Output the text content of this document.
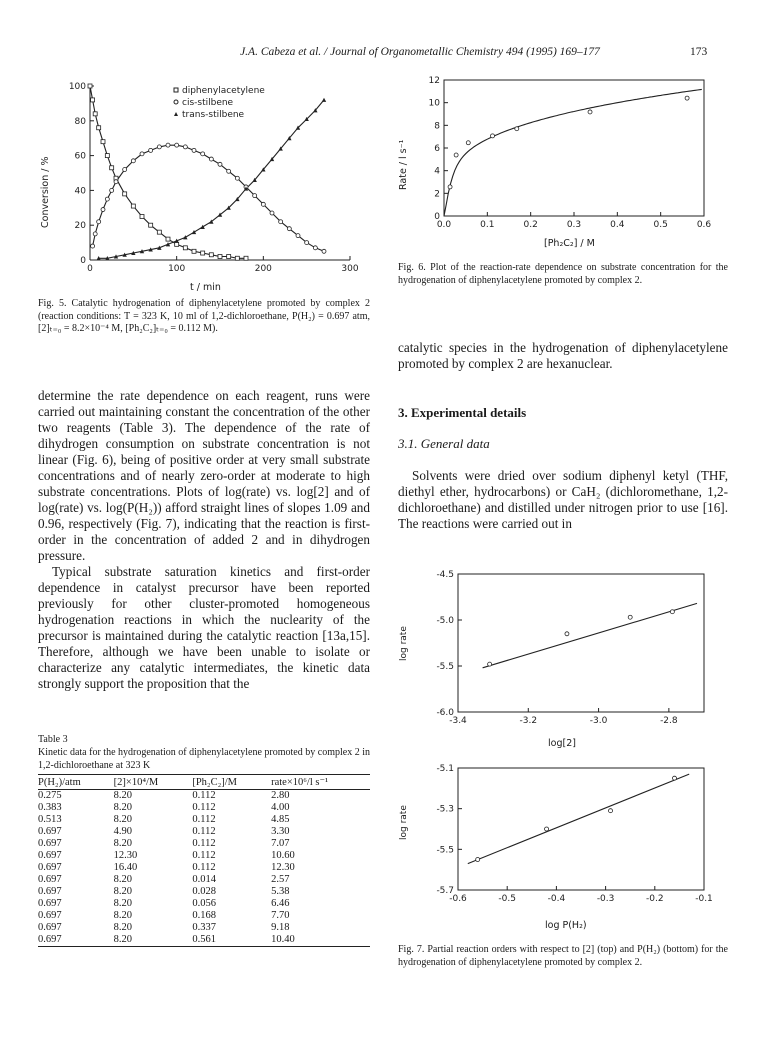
J.A. Cabeza et al. / Journal of Organometallic Chemistry 494 (1995) 169–177	173
0	100	200	300
0
20
40
60
80
100
Conversion / %
diphenylacetylene
cis-stilbene
trans-stilbene
t / min
Fig. 5. Catalytic hydrogenation of diphenylacetylene promoted by complex 2 (reaction conditions: T = 323 K, 10 ml of 1,2-dichloroethane, P(H₂) = 0.697 atm, [2]ₜ₌₀ = 8.2×10⁻⁴ M, [Ph₂C₂]ₜ₌₀ = 0.112 M).
0.0	0.1	0.2	0.3	0.4	0.5	0.6
0
2
4
6
8
10
12
Rate / l s⁻¹
[Ph₂C₂] / M
Fig. 6. Plot of the reaction-rate dependence on substrate concentration for the hydrogenation of diphenylacetylene promoted by complex 2.

determine the rate dependence on each reagent, runs were carried out maintaining constant the concentration of the other two reagents (Table 3). The dependence of the rate of dihydrogen consumption on substrate concentration is not linear (Fig. 6), being of positive order at very small substrate concentrations and of nearly zero-order at moderate to high substrate concentrations. Plots of log(rate) vs. log[2] and of log(rate) vs. log(P(H₂)) afford straight lines of slopes 1.09 and 0.96, respectively (Fig. 7), indicating that the reaction is first-order in the concentration of added 2 and in dihydrogen pressure.

Typical substrate saturation kinetics and first-order dependence in catalyst precursor have been reported previously for other cluster-promoted homogeneous hydrogenation reactions in which the nuclearity of the precursor is maintained during the catalytic reaction [13a,15]. Therefore, although we have been unable to isolate or characterize any catalytic intermediates, the kinetic data strongly support the proposition that the

catalytic species in the hydrogenation of diphenylacetylene promoted by complex 2 are hexanuclear.

3. Experimental details
3.1. General data
Solvents were dried over sodium diphenyl ketyl (THF, diethyl ether, hydrocarbons) or CaH₂ (dichloromethane, 1,2-dichloroethane) and distilled under nitrogen prior to use [16]. The reactions were carried out in
-3.4	-3.2	-3.0	-2.8
-4.5
-5.0
-5.5
-6.0
log rate
log[2]
-0.6	-0.5	-0.4	-0.3	-0.2	-0.1
-5.1
-5.3
-5.5
-5.7
log rate
log P(H₂)
Fig. 7. Partial reaction orders with respect to [2] (top) and P(H₂) (bottom) for the hydrogenation of diphenylacetylene promoted by complex 2.
Table 3
Kinetic data for the hydrogenation of diphenylacetylene promoted by complex 2 in 1,2-dichloroethane at 323 K
P(H₂)/atm	[2]×10⁴/M	[Ph₂C₂]/M	rate×10⁶/l s⁻¹
0.275	8.20	0.112	2.80
0.383	8.20	0.112	4.00
0.513	8.20	0.112	4.85
0.697	4.90	0.112	3.30
0.697	8.20	0.112	7.07
0.697	12.30	0.112	10.60
0.697	16.40	0.112	12.30
0.697	8.20	0.014	2.57
0.697	8.20	0.028	5.38
0.697	8.20	0.056	6.46
0.697	8.20	0.168	7.70
0.697	8.20	0.337	9.18
0.697	8.20	0.561	10.40
